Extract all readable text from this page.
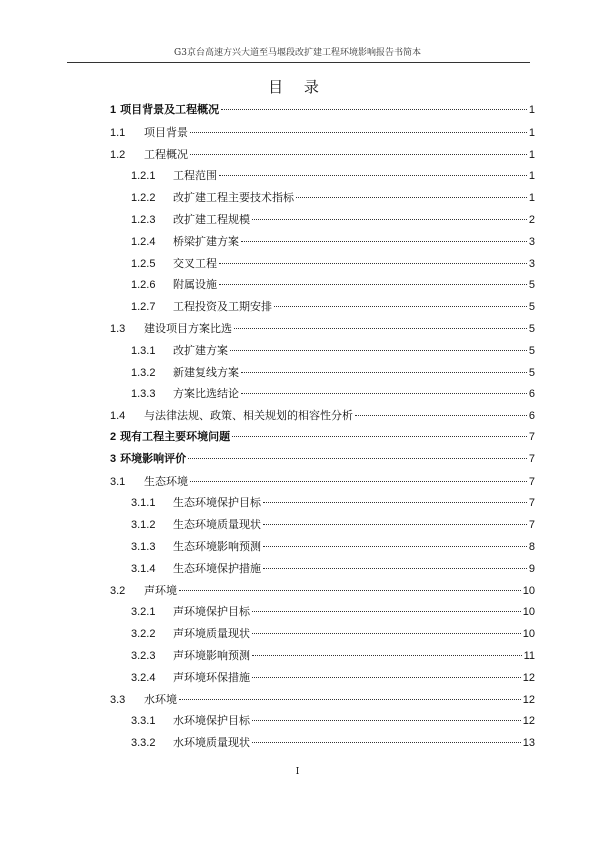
G3京台高速方兴大道至马堰段改扩建工程环境影响报告书简本
目 录
1 项目背景及工程概况	1
1.1	项目背景	1
1.2	工程概况	1
1.2.1	工程范围	1
1.2.2	改扩建工程主要技术指标	1
1.2.3	改扩建工程规模	2
1.2.4	桥梁扩建方案	3
1.2.5	交叉工程	3
1.2.6	附属设施	5
1.2.7	工程投资及工期安排	5
1.3	建设项目方案比选	5
1.3.1	改扩建方案	5
1.3.2	新建复线方案	5
1.3.3	方案比选结论	6
1.4	与法律法规、政策、相关规划的相容性分析	6
2 现有工程主要环境问题	7
3 环境影响评价	7
3.1	生态环境	7
3.1.1	生态环境保护目标	7
3.1.2	生态环境质量现状	7
3.1.3	生态环境影响预测	8
3.1.4	生态环境保护措施	9
3.2	声环境	10
3.2.1	声环境保护目标	10
3.2.2	声环境质量现状	10
3.2.3	声环境影响预测	11
3.2.4	声环境环保措施	12
3.3	水环境	12
3.3.1	水环境保护目标	12
3.3.2	水环境质量现状	13
I
